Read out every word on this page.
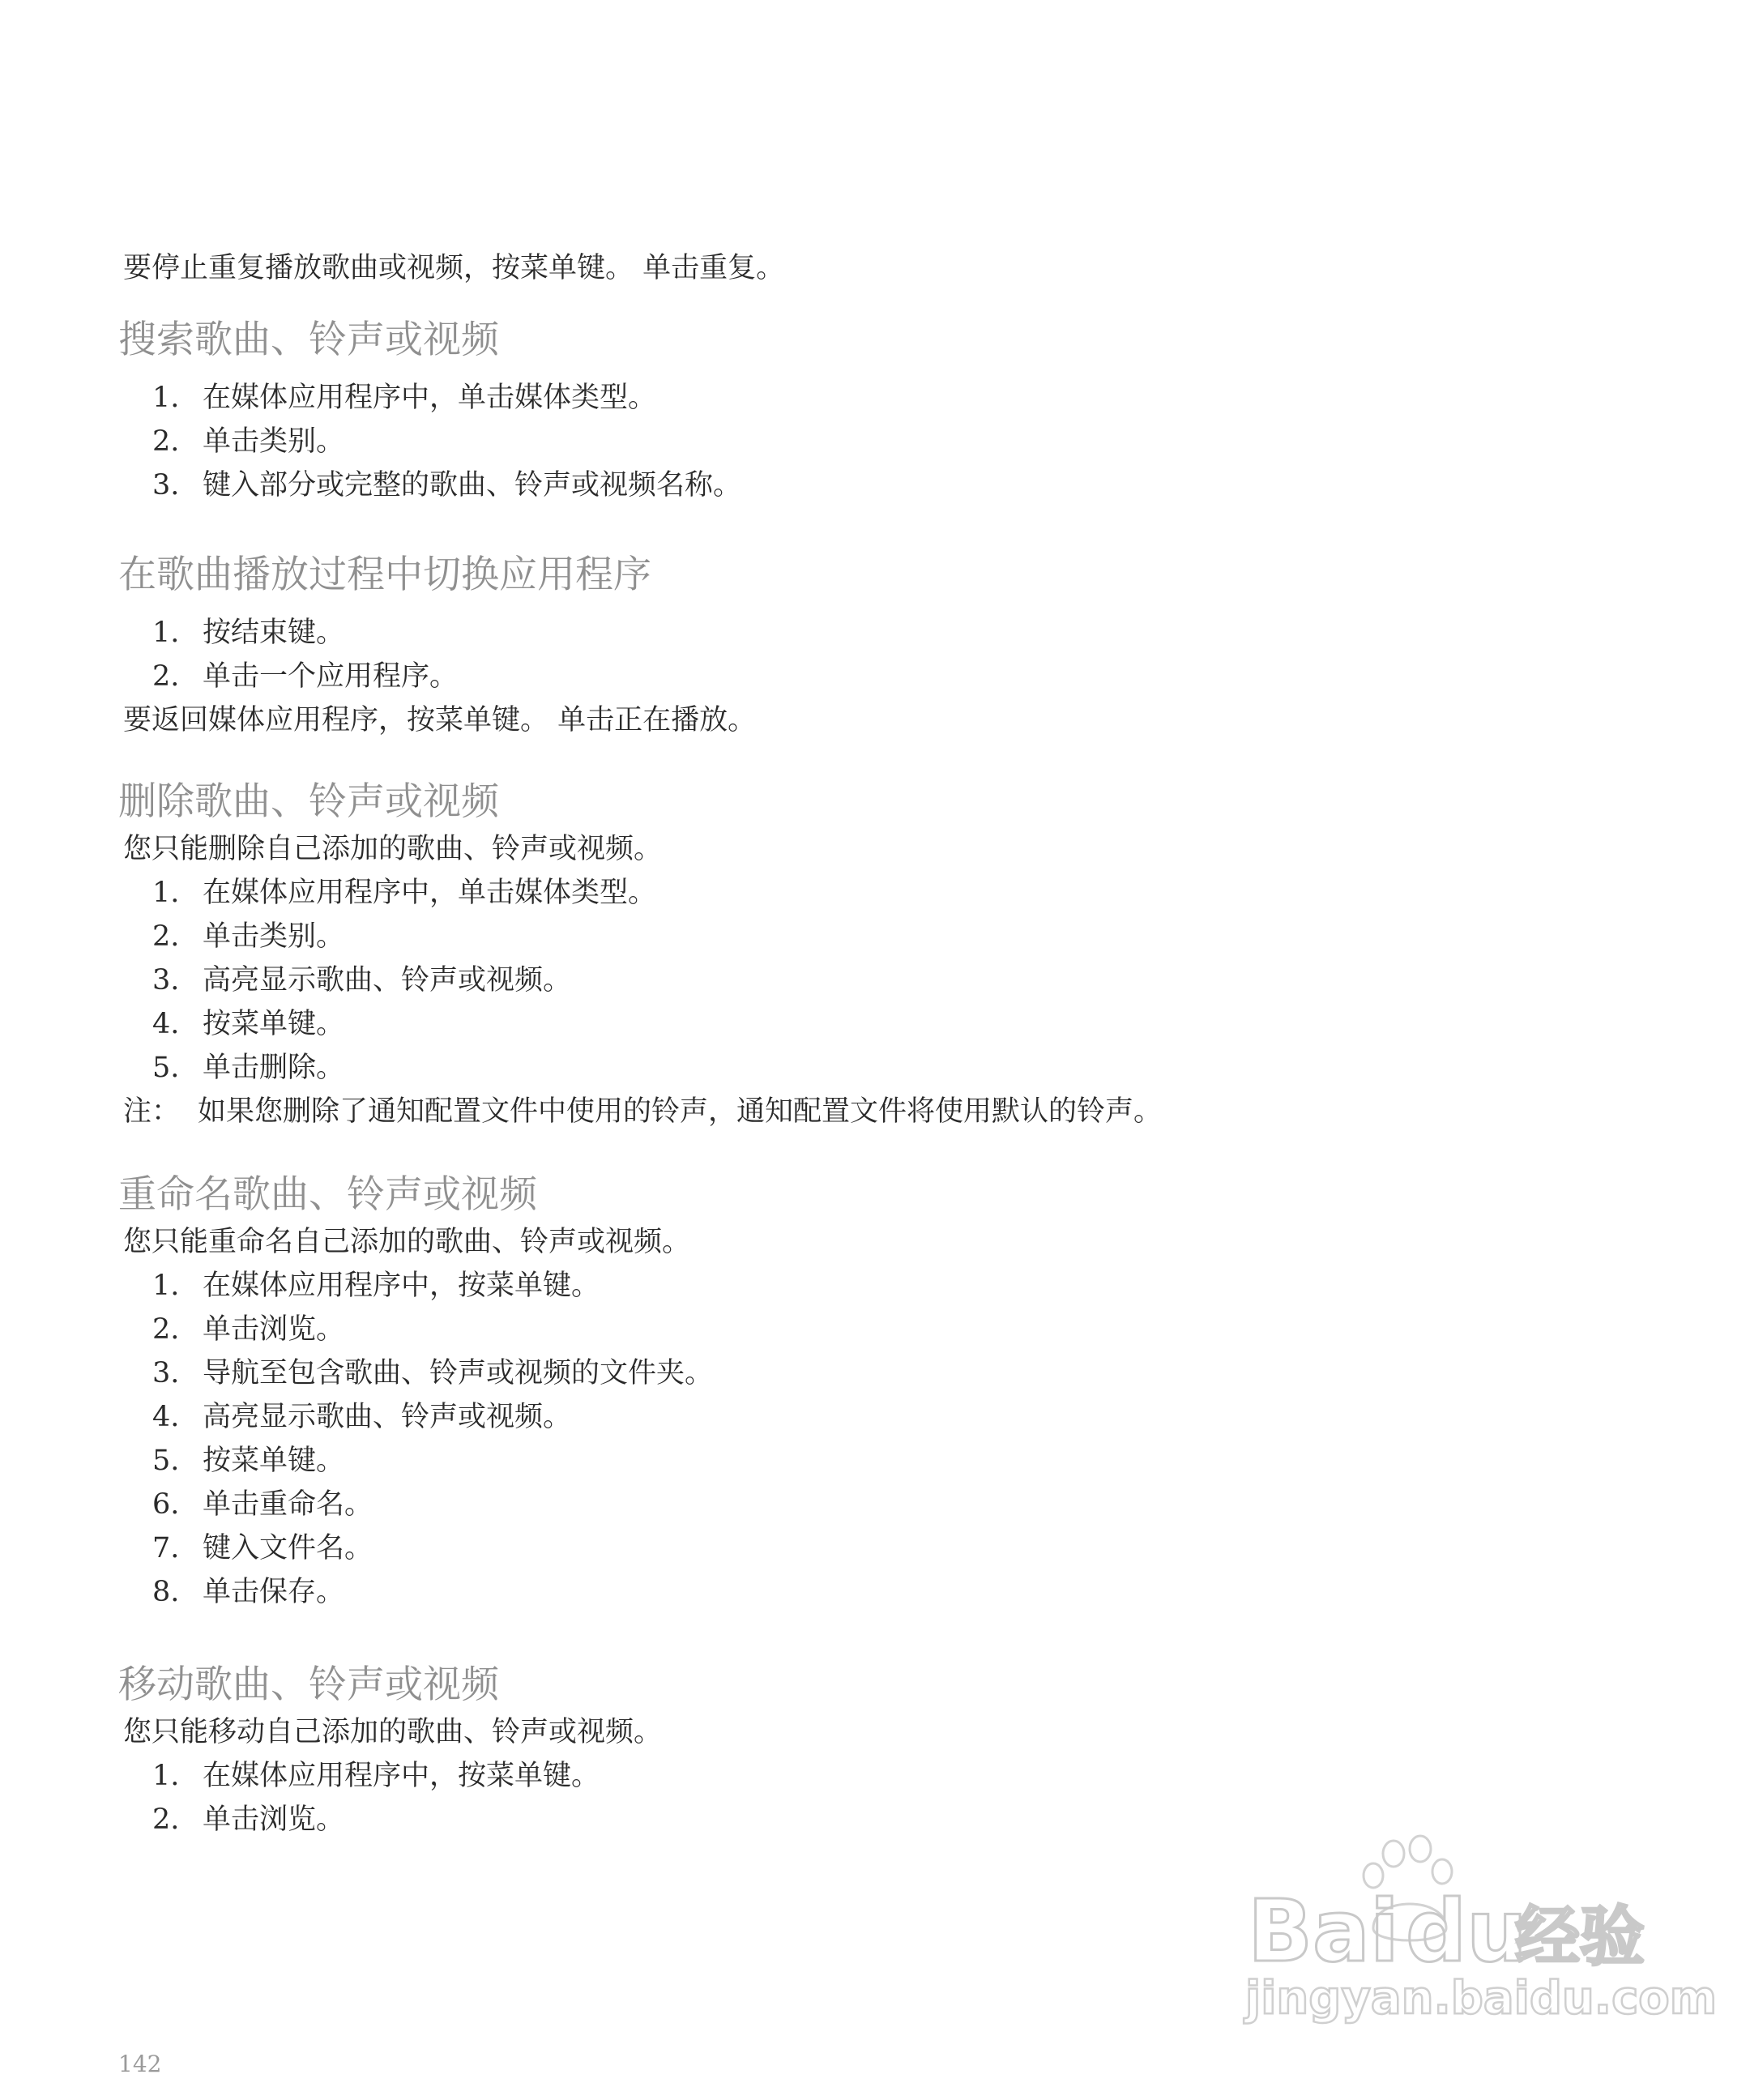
要停止重复播放歌曲或视频，按菜单键。 单击重复。
搜索歌曲、铃声或视频
1. 在媒体应用程序中，单击媒体类型。
2. 单击类别。
3. 键入部分或完整的歌曲、铃声或视频名称。
在歌曲播放过程中切换应用程序
1. 按结束键。
2. 单击一个应用程序。
要返回媒体应用程序，按菜单键。 单击正在播放。
删除歌曲、铃声或视频
您只能删除自己添加的歌曲、铃声或视频。
1. 在媒体应用程序中，单击媒体类型。
2. 单击类别。
3. 高亮显示歌曲、铃声或视频。
4. 按菜单键。
5. 单击删除。
注： 如果您删除了通知配置文件中使用的铃声，通知配置文件将使用默认的铃声。
重命名歌曲、铃声或视频
您只能重命名自己添加的歌曲、铃声或视频。
1. 在媒体应用程序中，按菜单键。
2. 单击浏览。
3. 导航至包含歌曲、铃声或视频的文件夹。
4. 高亮显示歌曲、铃声或视频。
5. 按菜单键。
6. 单击重命名。
7. 键入文件名。
8. 单击保存。
移动歌曲、铃声或视频
您只能移动自己添加的歌曲、铃声或视频。
1. 在媒体应用程序中，按菜单键。
2. 单击浏览。
142
Bai du
经验
jingyan.baidu.com
